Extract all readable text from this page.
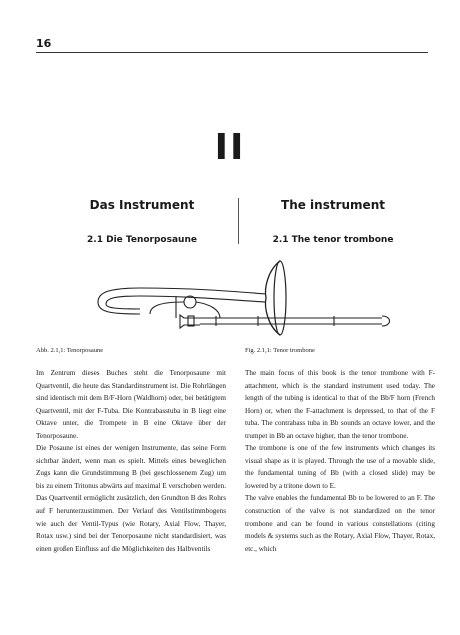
16
II
Das Instrument	The instrument
2.1 Die Tenorposaune	2.1 The tenor trombone
Abb. 2.1,1: Tenorposaune	Fig. 2.1,1: Tenor trombone

Im Zentrum dieses Buches steht die Tenorposaune mit Quartventil, die heute das Standardinstrument ist. Die Rohrlängen sind identisch mit dem B/F-Horn (Waldhorn) oder, bei betätigtem Quartventil, mit der F-Tuba. Die Kontrabasstuba in B liegt eine Oktave unter, die Trompete in B eine Oktave über der Tenorposaune.

Die Posaune ist eines der wenigen Instrumente, das seine Form sichtbar ändert, wenn man es spielt. Mittels eines beweglichen Zugs kann die Grundstimmung B (bei geschlossenem Zug) um bis zu einem Tritonus abwärts auf maximal E verschoben werden. Das Quartventil ermöglicht zusätzlich, den Grundton B des Rohrs auf F herunterzustimmen. Der Verlauf des Ventilstimmbogens wie auch der Ventil-Typus (wie Rotary, Axial Flow, Thayer, Rotax usw.) sind bei der Tenorposaune nicht standardisiert, was einen großen Einfluss auf die Möglichkeiten des Halbventils

The main focus of this book is the tenor trombone with F-attachment, which is the standard instrument used today. The length of the tubing is identical to that of the Bb/F horn (French Horn) or, when the F-attachment is depressed, to that of the F tuba. The contrabass tuba in Bb sounds an octave lower, and the trumpet in Bb an octave higher, than the tenor trombone.

The trombone is one of the few instruments which changes its visual shape as it is played. Through the use of a movable slide, the fundamental tuning of Bb (with a closed slide) may be lowered by a tritone down to E.

The valve enables the fundamental Bb to be lowered to an F. The construction of the valve is not standardized on the tenor trombone and can be found in various constellations (citing models & systems such as the Rotary, Axial Flow, Thayer, Rotax, etc., which
